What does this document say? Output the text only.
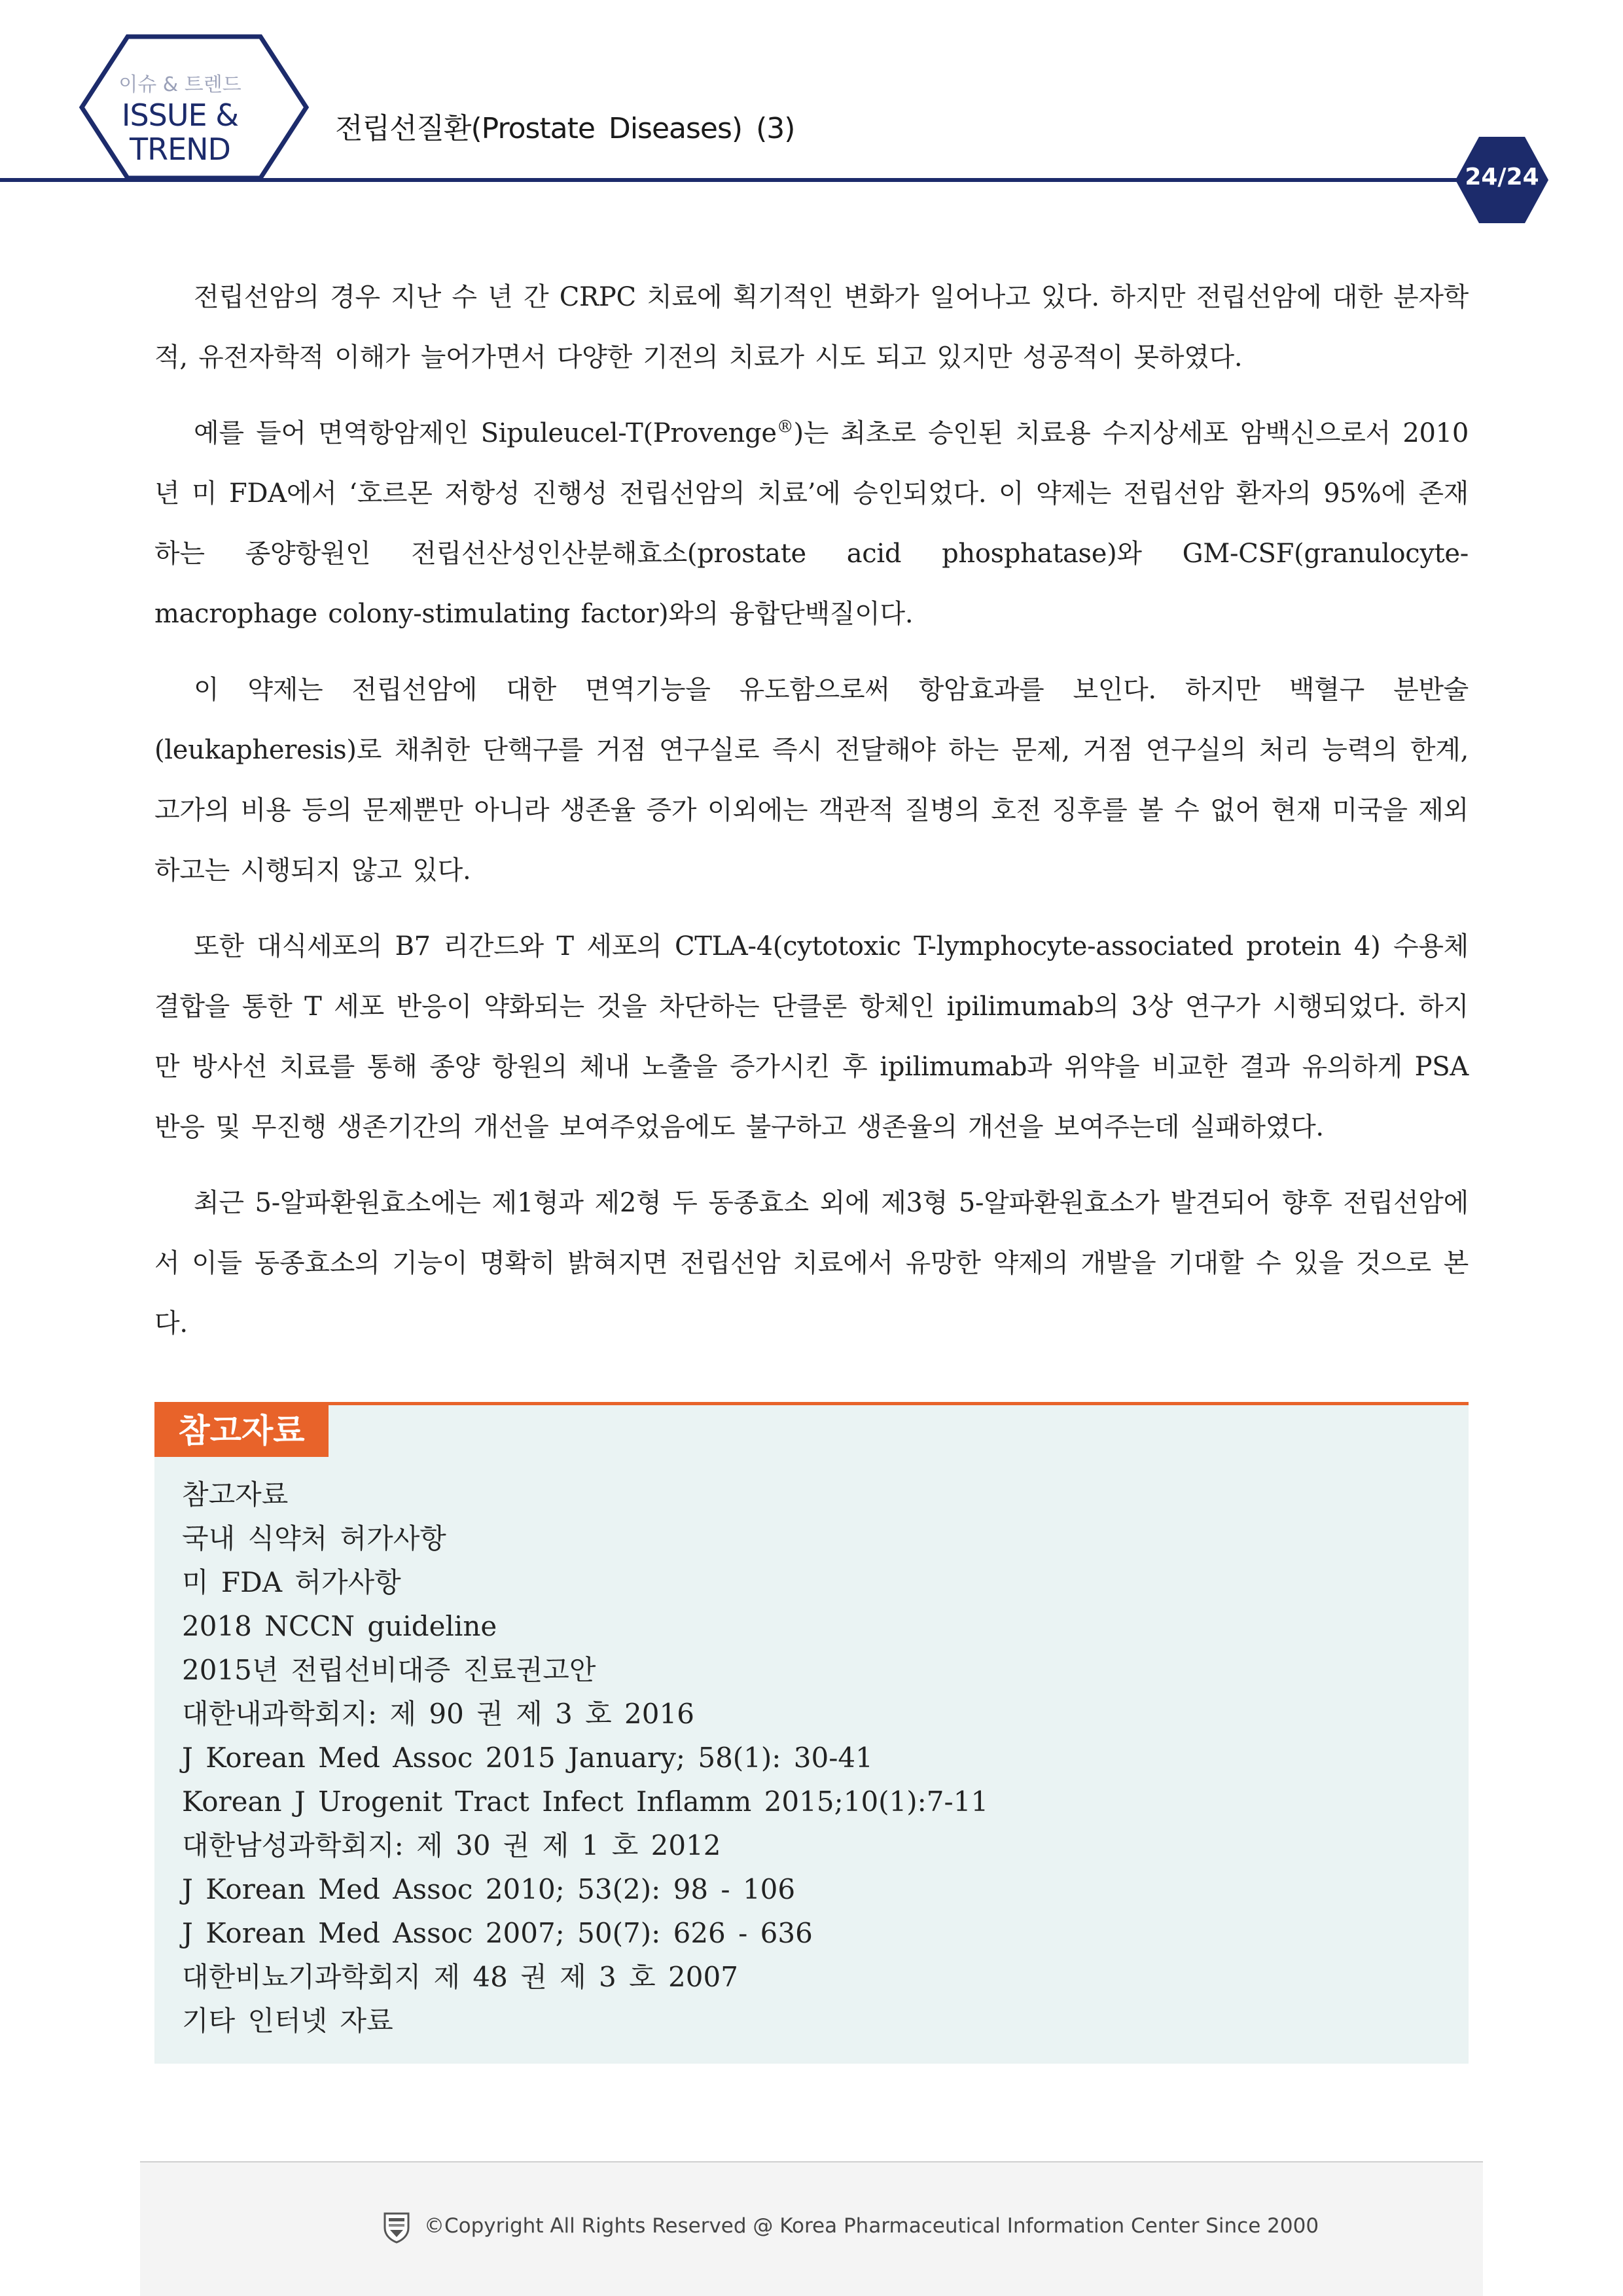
이슈 & 트렌드
ISSUE &
TREND
전립선질환(Prostate Diseases) (3)
24/24

전립선암의 경우 지난 수 년 간 CRPC 치료에 획기적인 변화가 일어나고 있다. 하지만 전립선암에 대한 분자학적, 유전자학적 이해가 늘어가면서 다양한 기전의 치료가 시도 되고 있지만 성공적이 못하였다.

예를 들어 면역항암제인 Sipuleucel-T(Provenge®)는 최초로 승인된 치료용 수지상세포 암백신으로서 2010년 미 FDA에서 ‘호르몬 저항성 진행성 전립선암의 치료’에 승인되었다. 이 약제는 전립선암 환자의 95%에 존재하는 종양항원인 전립선산성인산분해효소(prostate acid phosphatase)와 GM-CSF(granulocyte-macrophage colony-stimulating factor)와의 융합단백질이다.

이 약제는 전립선암에 대한 면역기능을 유도함으로써 항암효과를 보인다. 하지만 백혈구 분반술(leukapheresis)로 채취한 단핵구를 거점 연구실로 즉시 전달해야 하는 문제, 거점 연구실의 처리 능력의 한계, 고가의 비용 등의 문제뿐만 아니라 생존율 증가 이외에는 객관적 질병의 호전 징후를 볼 수 없어 현재 미국을 제외하고는 시행되지 않고 있다.

또한 대식세포의 B7 리간드와 T 세포의 CTLA-4(cytotoxic T-lymphocyte-associated protein 4) 수용체 결합을 통한 T 세포 반응이 약화되는 것을 차단하는 단클론 항체인 ipilimumab의 3상 연구가 시행되었다. 하지만 방사선 치료를 통해 종양 항원의 체내 노출을 증가시킨 후 ipilimumab과 위약을 비교한 결과 유의하게 PSA 반응 및 무진행 생존기간의 개선을 보여주었음에도 불구하고 생존율의 개선을 보여주는데 실패하였다.

최근 5-알파환원효소에는 제1형과 제2형 두 동종효소 외에 제3형 5-알파환원효소가 발견되어 향후 전립선암에서 이들 동종효소의 기능이 명확히 밝혀지면 전립선암 치료에서 유망한 약제의 개발을 기대할 수 있을 것으로 본다.

참고자료
참고자료
국내 식약처 허가사항
미 FDA 허가사항
2018 NCCN guideline
2015년 전립선비대증 진료권고안
대한내과학회지: 제 90 권 제 3 호 2016
J Korean Med Assoc 2015 January; 58(1): 30-41
Korean J Urogenit Tract Infect Inflamm 2015;10(1):7-11
대한남성과학회지: 제 30 권 제 1 호 2012
J Korean Med Assoc 2010; 53(2): 98 - 106
J Korean Med Assoc 2007; 50(7): 626 - 636
대한비뇨기과학회지 제 48 권 제 3 호 2007
기타 인터넷 자료
©Copyright All Rights Reserved @ Korea Pharmaceutical Information Center Since 2000
